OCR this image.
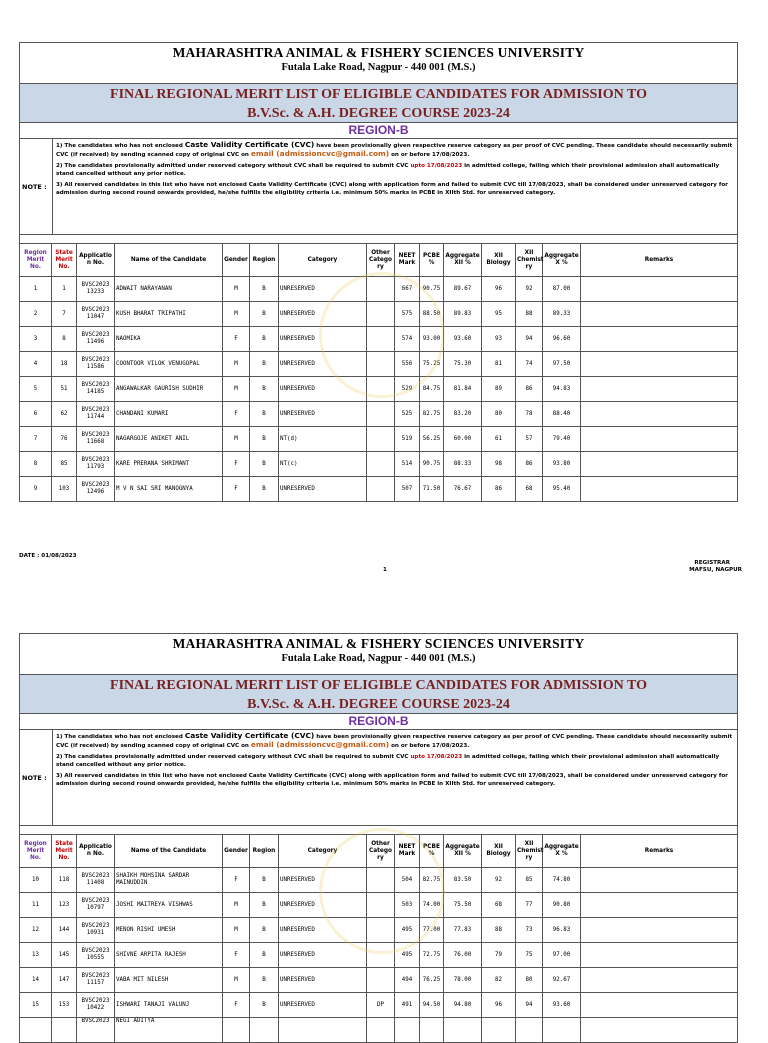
MAHARASHTRA ANIMAL & FISHERY SCIENCES UNIVERSITY
Futala Lake Road, Nagpur - 440 001 (M.S.)
FINAL REGIONAL MERIT LIST OF ELIGIBLE CANDIDATES FOR ADMISSION TO
B.V.Sc. & A.H. DEGREE COURSE 2023-24
REGION-B
NOTE :

1) The candidates who has not enclosed Caste Validity Certificate (CVC) have been provisionally given respective reserve category as per proof of CVC pending. These candidate should necessarily submit CVC (if received) by sending scanned copy of original CVC on email (admissioncvc@gmail.com) on or before 17/08/2023.

2) The candidates provisionally admitted under reserved category without CVC shall be required to submit CVC upto 17/08/2023 in admitted college, failing which their provisional admission shall automatically stand cancelled without any prior notice.

3) All reserved candidates in this list who have not enclosed Caste Validity Certificate (CVC) along with application form and failed to submit CVC till 17/08/2023, shall be considered under unreserved category for admission during second round onwards provided, he/she fulfills the eligibility criteria i.e. minimum 50% marks in PCBE in XIIth Std. for unreserved category.

Region Merit No.	State Merit No.	Applicatio n No.	Name of the Candidate	Gender	Region	Category	Other Catego ry	NEET Mark	PCBE %	Aggregate XII %	XII Biology	XII Chemist ry	Aggregate X %	Remarks
1	1	BVSC2023 13233	ADWAIT NARAYANAN	M	B	UNRESERVED		667	90.75	89.67	96	92	87.00	
2	7	BVSC2023 11047	KUSH BHARAT TRIPATHI	M	B	UNRESERVED		575	88.50	89.83	95	88	89.33	
3	8	BVSC2023 11496	NAOMIKA	F	B	UNRESERVED		574	93.00	93.60	93	94	96.60	
4	18	BVSC2023 11586	COONTOOR VILOK VENUGOPAL	M	B	UNRESERVED		556	75.25	75.30	81	74	97.50	
5	51	BVSC2023 14185	ANGAWALKAR GAURISH SUDHIR	M	B	UNRESERVED		529	84.75	81.84	89	86	94.83	
6	62	BVSC2023 11744	CHANDANI KUMARI	F	B	UNRESERVED		525	82.75	83.20	80	78	88.40	
7	76	BVSC2023 11668	NAGARGOJE ANIKET ANIL	M	B	NT(d)		519	56.25	60.00	61	57	79.40	
8	85	BVSC2023 11793	KARE PRERANA SHRIMANT	F	B	NT(c)		514	90.75	88.33	98	86	93.80	
9	103	BVSC2023 12496	M V N SAI SRI MANOGNYA	F	B	UNRESERVED		507	71.50	76.67	86	68	95.40	
DATE : 01/08/2023
1
REGISTRAR
MAFSU, NAGPUR
MAHARASHTRA ANIMAL & FISHERY SCIENCES UNIVERSITY
Futala Lake Road, Nagpur - 440 001 (M.S.)
FINAL REGIONAL MERIT LIST OF ELIGIBLE CANDIDATES FOR ADMISSION TO
B.V.Sc. & A.H. DEGREE COURSE 2023-24
REGION-B
NOTE :

1) The candidates who has not enclosed Caste Validity Certificate (CVC) have been provisionally given respective reserve category as per proof of CVC pending. These candidate should necessarily submit CVC (if received) by sending scanned copy of original CVC on email (admissioncvc@gmail.com) on or before 17/08/2023.

2) The candidates provisionally admitted under reserved category without CVC shall be required to submit CVC upto 17/08/2023 in admitted college, failing which their provisional admission shall automatically stand cancelled without any prior notice.

3) All reserved candidates in this list who have not enclosed Caste Validity Certificate (CVC) along with application form and failed to submit CVC till 17/08/2023, shall be considered under unreserved category for admission during second round onwards provided, he/she fulfills the eligibility criteria i.e. minimum 50% marks in PCBE in XIIth Std. for unreserved category.

Region Merit No.	State Merit No.	Applicatio n No.	Name of the Candidate	Gender	Region	Category	Other Catego ry	NEET Mark	PCBE %	Aggregate XII %	XII Biology	XII Chemist ry	Aggregate X %	Remarks
10	118	BVSC2023 11408	SHAIKH MOHSINA SARDAR MAINUDDIN	F	B	UNRESERVED		504	82.75	83.50	92	85	74.80	
11	123	BVSC2023 10797	JOSHI MAITREYA VISHWAS	M	B	UNRESERVED		503	74.00	75.50	68	77	90.80	
12	144	BVSC2023 10931	MENON RISHI UMESH	M	B	UNRESERVED		495	77.00	77.83	88	73	96.83	
13	145	BVSC2023 10555	SHIVNE ARPITA RAJESH	F	B	UNRESERVED		495	72.75	76.00	79	75	97.00	
14	147	BVSC2023 11157	VABA MIT NILESH	M	B	UNRESERVED		494	76.25	78.00	82	80	92.67	
15	153	BVSC2023 10422	ISHWARI TANAJI VALUNJ	F	B	UNRESERVED	DP	491	94.50	94.80	96	94	93.60	
		BVSC2023	NEGI ADITYA											
